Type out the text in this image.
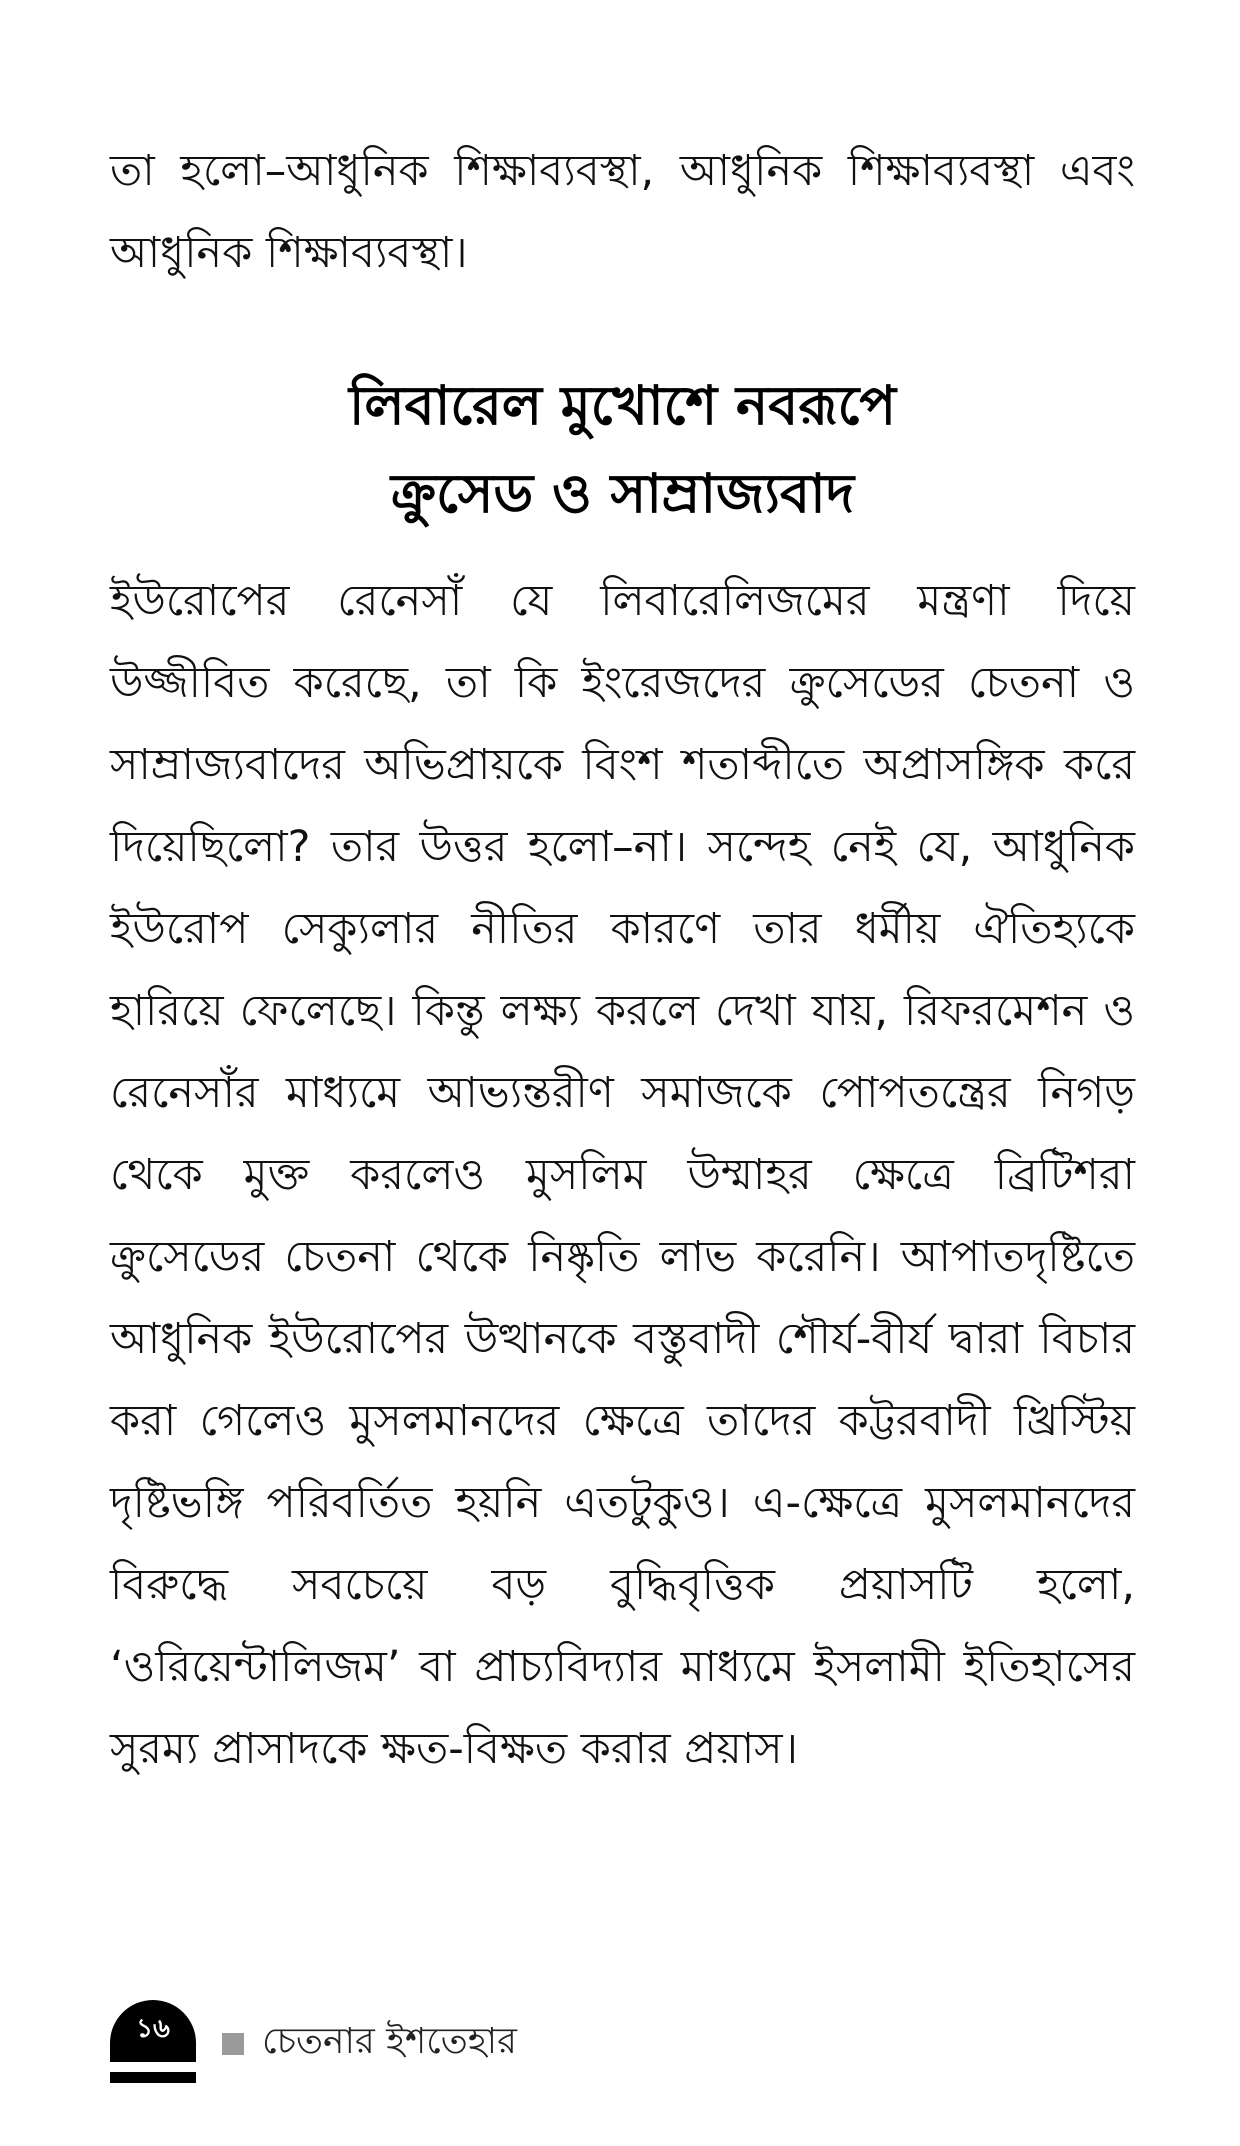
তা হলো–আধুনিক শিক্ষাব্যবস্থা, আধুনিক শিক্ষাব্যবস্থা এবং আধুনিক শিক্ষাব্যবস্থা।

লিবারেল মুখোশে নবরূপে
ক্রুসেড ও সাম্রাজ্যবাদ

ইউরোপের রেনেসাঁ যে লিবারেলিজমের মন্ত্রণা দিয়ে উজ্জীবিত করেছে, তা কি ইংরেজদের ক্রুসেডের চেতনা ও সাম্রাজ্যবাদের অভিপ্রায়কে বিংশ শতাব্দীতে অপ্রাসঙ্গিক করে দিয়েছিলো? তার উত্তর হলো–না। সন্দেহ নেই যে, আধুনিক ইউরোপ সেক্যুলার নীতির কারণে তার ধর্মীয় ঐতিহ্যকে হারিয়ে ফেলেছে। কিন্তু লক্ষ্য করলে দেখা যায়, রিফরমেশন ও রেনেসাঁর মাধ্যমে আভ্যন্তরীণ সমাজকে পোপতন্ত্রের নিগড় থেকে মুক্ত করলেও মুসলিম উম্মাহর ক্ষেত্রে ব্রিটিশরা ক্রুসেডের চেতনা থেকে নিষ্কৃতি লাভ করেনি। আপাতদৃষ্টিতে আধুনিক ইউরোপের উত্থানকে বস্তুবাদী শৌর্য-বীর্য দ্বারা বিচার করা গেলেও মুসলমানদের ক্ষেত্রে তাদের কট্টরবাদী খ্রিস্টিয় দৃষ্টিভঙ্গি পরিবর্তিত হয়নি এতটুকুও। এ-ক্ষেত্রে মুসলমানদের বিরুদ্ধে সবচেয়ে বড় বুদ্ধিবৃত্তিক প্রয়াসটি হলো, ‘ওরিয়েন্টালিজম’ বা প্রাচ্যবিদ্যার মাধ্যমে ইসলামী ইতিহাসের সুরম্য প্রাসাদকে ক্ষত-বিক্ষত করার প্রয়াস।

১৬	চেতনার ইশতেহার
